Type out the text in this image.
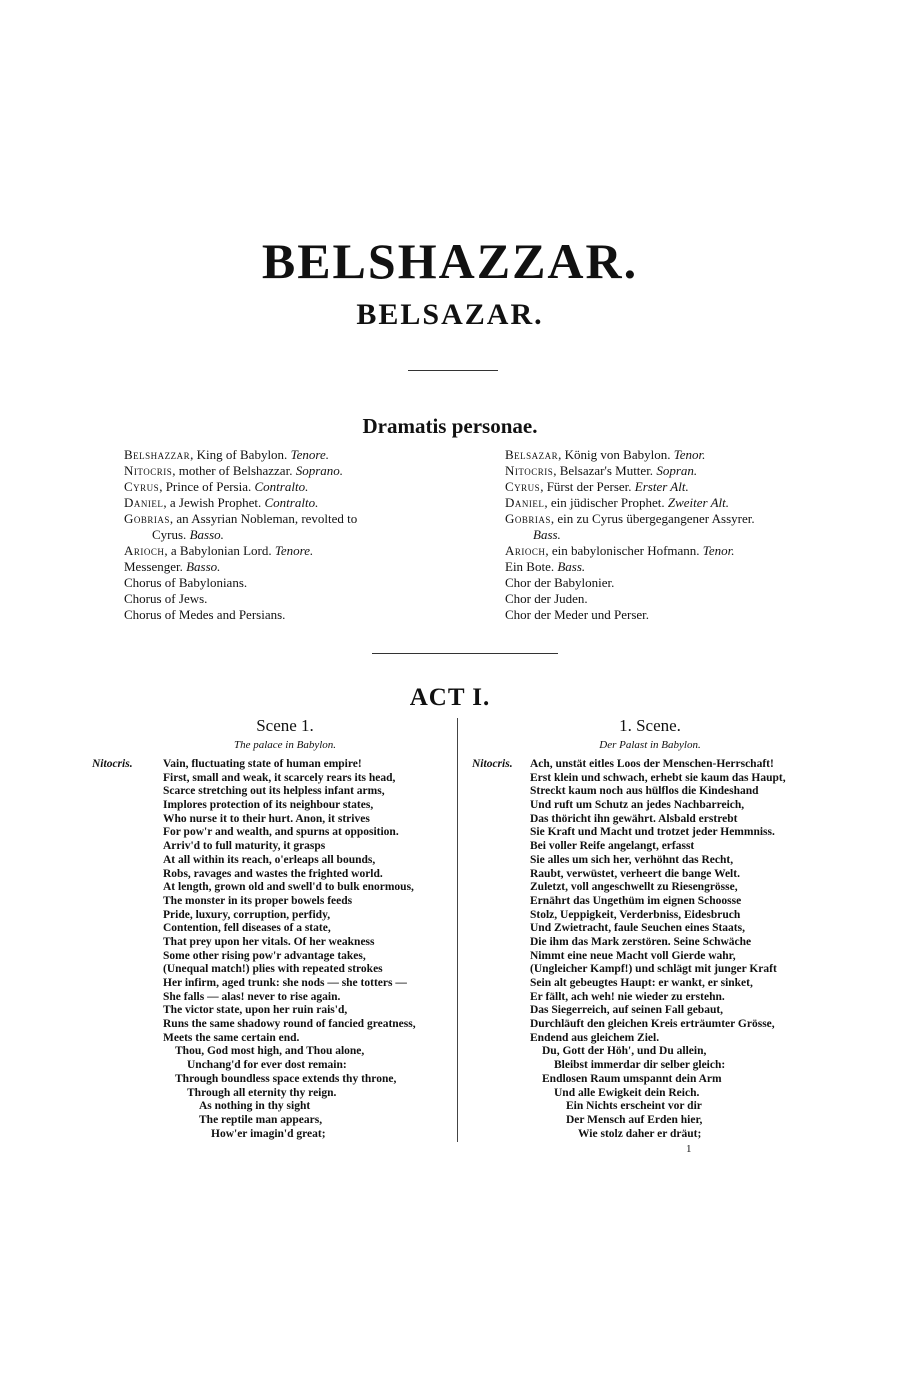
BELSHAZZAR.
BELSAZAR.
Dramatis personae.
Belshazzar, King of Babylon. Tenore.
Nitocris, mother of Belshazzar. Soprano.
Cyrus, Prince of Persia. Contralto.
Daniel, a Jewish Prophet. Contralto.
Gobrias, an Assyrian Nobleman, revolted to
Cyrus. Basso.
Arioch, a Babylonian Lord. Tenore.
Messenger. Basso.
Chorus of Babylonians.
Chorus of Jews.
Chorus of Medes and Persians.
Belsazar, König von Babylon. Tenor.
Nitocris, Belsazar's Mutter. Sopran.
Cyrus, Fürst der Perser. Erster Alt.
Daniel, ein jüdischer Prophet. Zweiter Alt.
Gobrias, ein zu Cyrus übergegangener Assyrer.
Bass.
Arioch, ein babylonischer Hofmann. Tenor.
Ein Bote. Bass.
Chor der Babylonier.
Chor der Juden.
Chor der Meder und Perser.
ACT I.
Scene 1.
The palace in Babylon.
1. Scene.
Der Palast in Babylon.
Nitocris.	Nitocris.
Vain, fluctuating state of human empire!
First, small and weak, it scarcely rears its head,
Scarce stretching out its helpless infant arms,
Implores protection of its neighbour states,
Who nurse it to their hurt. Anon, it strives
For pow'r and wealth, and spurns at opposition.
Arriv'd to full maturity, it grasps
At all within its reach, o'erleaps all bounds,
Robs, ravages and wastes the frighted world.
At length, grown old and swell'd to bulk enormous,
The monster in its proper bowels feeds
Pride, luxury, corruption, perfidy,
Contention, fell diseases of a state,
That prey upon her vitals. Of her weakness
Some other rising pow'r advantage takes,
(Unequal match!) plies with repeated strokes
Her infirm, aged trunk: she nods — she totters —
She falls — alas! never to rise again.
The victor state, upon her ruin rais'd,
Runs the same shadowy round of fancied greatness,
Meets the same certain end.
Thou, God most high, and Thou alone,
Unchang'd for ever dost remain:
Through boundless space extends thy throne,
Through all eternity thy reign.
As nothing in thy sight
The reptile man appears,
How'er imagin'd great;
Ach, unstät eitles Loos der Menschen-Herrschaft!
Erst klein und schwach, erhebt sie kaum das Haupt,
Streckt kaum noch aus hülflos die Kindeshand
Und ruft um Schutz an jedes Nachbarreich,
Das thöricht ihn gewährt. Alsbald erstrebt
Sie Kraft und Macht und trotzet jeder Hemmniss.
Bei voller Reife angelangt, erfasst
Sie alles um sich her, verhöhnt das Recht,
Raubt, verwüstet, verheert die bange Welt.
Zuletzt, voll angeschwellt zu Riesengrösse,
Ernährt das Ungethüm im eignen Schoosse
Stolz, Ueppigkeit, Verderbniss, Eidesbruch
Und Zwietracht, faule Seuchen eines Staats,
Die ihm das Mark zerstören. Seine Schwäche
Nimmt eine neue Macht voll Gierde wahr,
(Ungleicher Kampf!) und schlägt mit junger Kraft
Sein alt gebeugtes Haupt: er wankt, er sinket,
Er fällt, ach weh! nie wieder zu erstehn.
Das Siegerreich, auf seinen Fall gebaut,
Durchläuft den gleichen Kreis erträumter Grösse,
Endend aus gleichem Ziel.
Du, Gott der Höh', und Du allein,
Bleibst immerdar dir selber gleich:
Endlosen Raum umspannt dein Arm
Und alle Ewigkeit dein Reich.
Ein Nichts erscheint vor dir
Der Mensch auf Erden hier,
Wie stolz daher er dräut;
1
